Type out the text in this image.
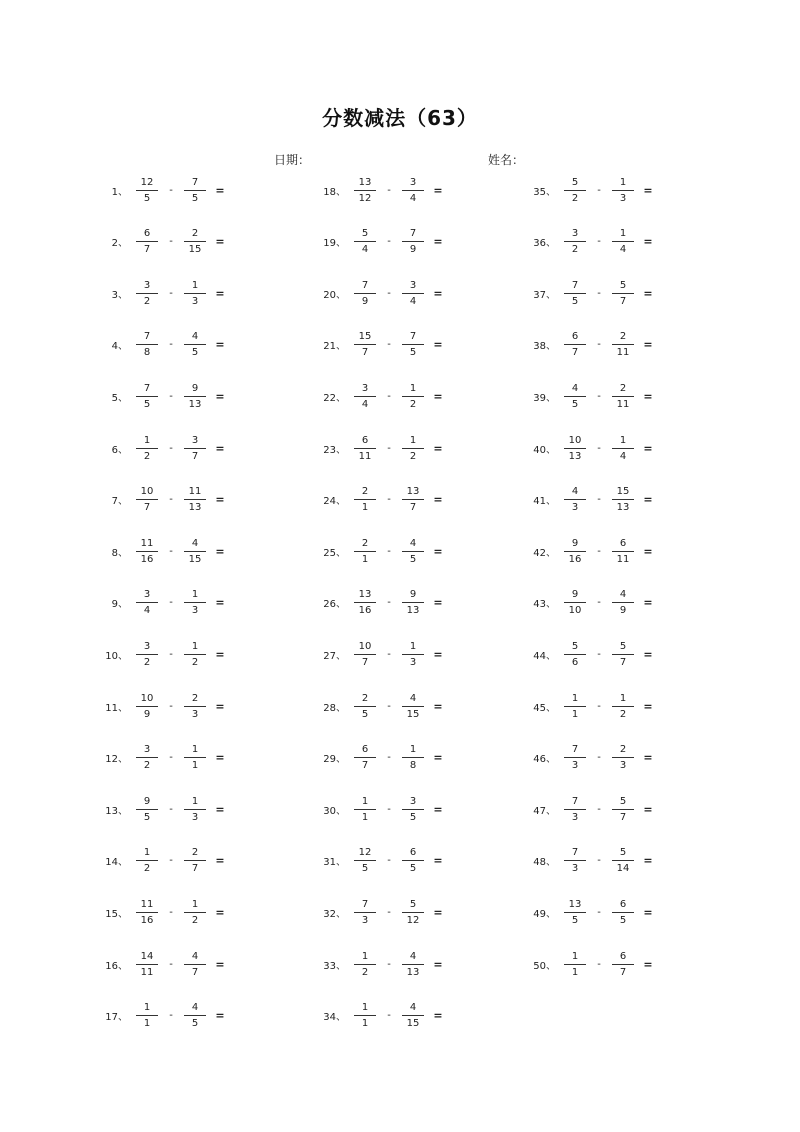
分数减法（63）
日期：	姓名：
1、 $\frac{12}{5} - \frac{7}{5}$ =
2、 $\frac{6}{7} - \frac{2}{15}$ =
3、 $\frac{3}{2} - \frac{1}{3}$ =
4、 $\frac{7}{8} - \frac{4}{5}$ =
5、 $\frac{7}{5} - \frac{9}{13}$ =
6、 $\frac{1}{2} - \frac{3}{7}$ =
7、 $\frac{10}{7} - \frac{11}{13}$ =
8、 $\frac{11}{16} - \frac{4}{15}$ =
9、 $\frac{3}{4} - \frac{1}{3}$ =
10、 $\frac{3}{2} - \frac{1}{2}$ =
11、 $\frac{10}{9} - \frac{2}{3}$ =
12、 $\frac{3}{2} - \frac{1}{1}$ =
13、 $\frac{9}{5} - \frac{1}{3}$ =
14、 $\frac{1}{2} - \frac{2}{7}$ =
15、 $\frac{11}{16} - \frac{1}{2}$ =
16、 $\frac{14}{11} - \frac{4}{7}$ =
17、 $\frac{1}{1} - \frac{4}{5}$ =
18、 $\frac{13}{12} - \frac{3}{4}$ =
19、 $\frac{5}{4} - \frac{7}{9}$ =
20、 $\frac{7}{9} - \frac{3}{4}$ =
21、 $\frac{15}{7} - \frac{7}{5}$ =
22、 $\frac{3}{4} - \frac{1}{2}$ =
23、 $\frac{6}{11} - \frac{1}{2}$ =
24、 $\frac{2}{1} - \frac{13}{7}$ =
25、 $\frac{2}{1} - \frac{4}{5}$ =
26、 $\frac{13}{16} - \frac{9}{13}$ =
27、 $\frac{10}{7} - \frac{1}{3}$ =
28、 $\frac{2}{5} - \frac{4}{15}$ =
29、 $\frac{6}{7} - \frac{1}{8}$ =
30、 $\frac{1}{1} - \frac{3}{5}$ =
31、 $\frac{12}{5} - \frac{6}{5}$ =
32、 $\frac{7}{3} - \frac{5}{12}$ =
33、 $\frac{1}{2} - \frac{4}{13}$ =
34、 $\frac{1}{1} - \frac{4}{15}$ =
35、 $\frac{5}{2} - \frac{1}{3}$ =
36、 $\frac{3}{2} - \frac{1}{4}$ =
37、 $\frac{7}{5} - \frac{5}{7}$ =
38、 $\frac{6}{7} - \frac{2}{11}$ =
39、 $\frac{4}{5} - \frac{2}{11}$ =
40、 $\frac{10}{13} - \frac{1}{4}$ =
41、 $\frac{4}{3} - \frac{15}{13}$ =
42、 $\frac{9}{16} - \frac{6}{11}$ =
43、 $\frac{9}{10} - \frac{4}{9}$ =
44、 $\frac{5}{6} - \frac{5}{7}$ =
45、 $\frac{1}{1} - \frac{1}{2}$ =
46、 $\frac{7}{3} - \frac{2}{3}$ =
47、 $\frac{7}{3} - \frac{5}{7}$ =
48、 $\frac{7}{3} - \frac{5}{14}$ =
49、 $\frac{13}{5} - \frac{6}{5}$ =
50、 $\frac{1}{1} - \frac{6}{7}$ =
